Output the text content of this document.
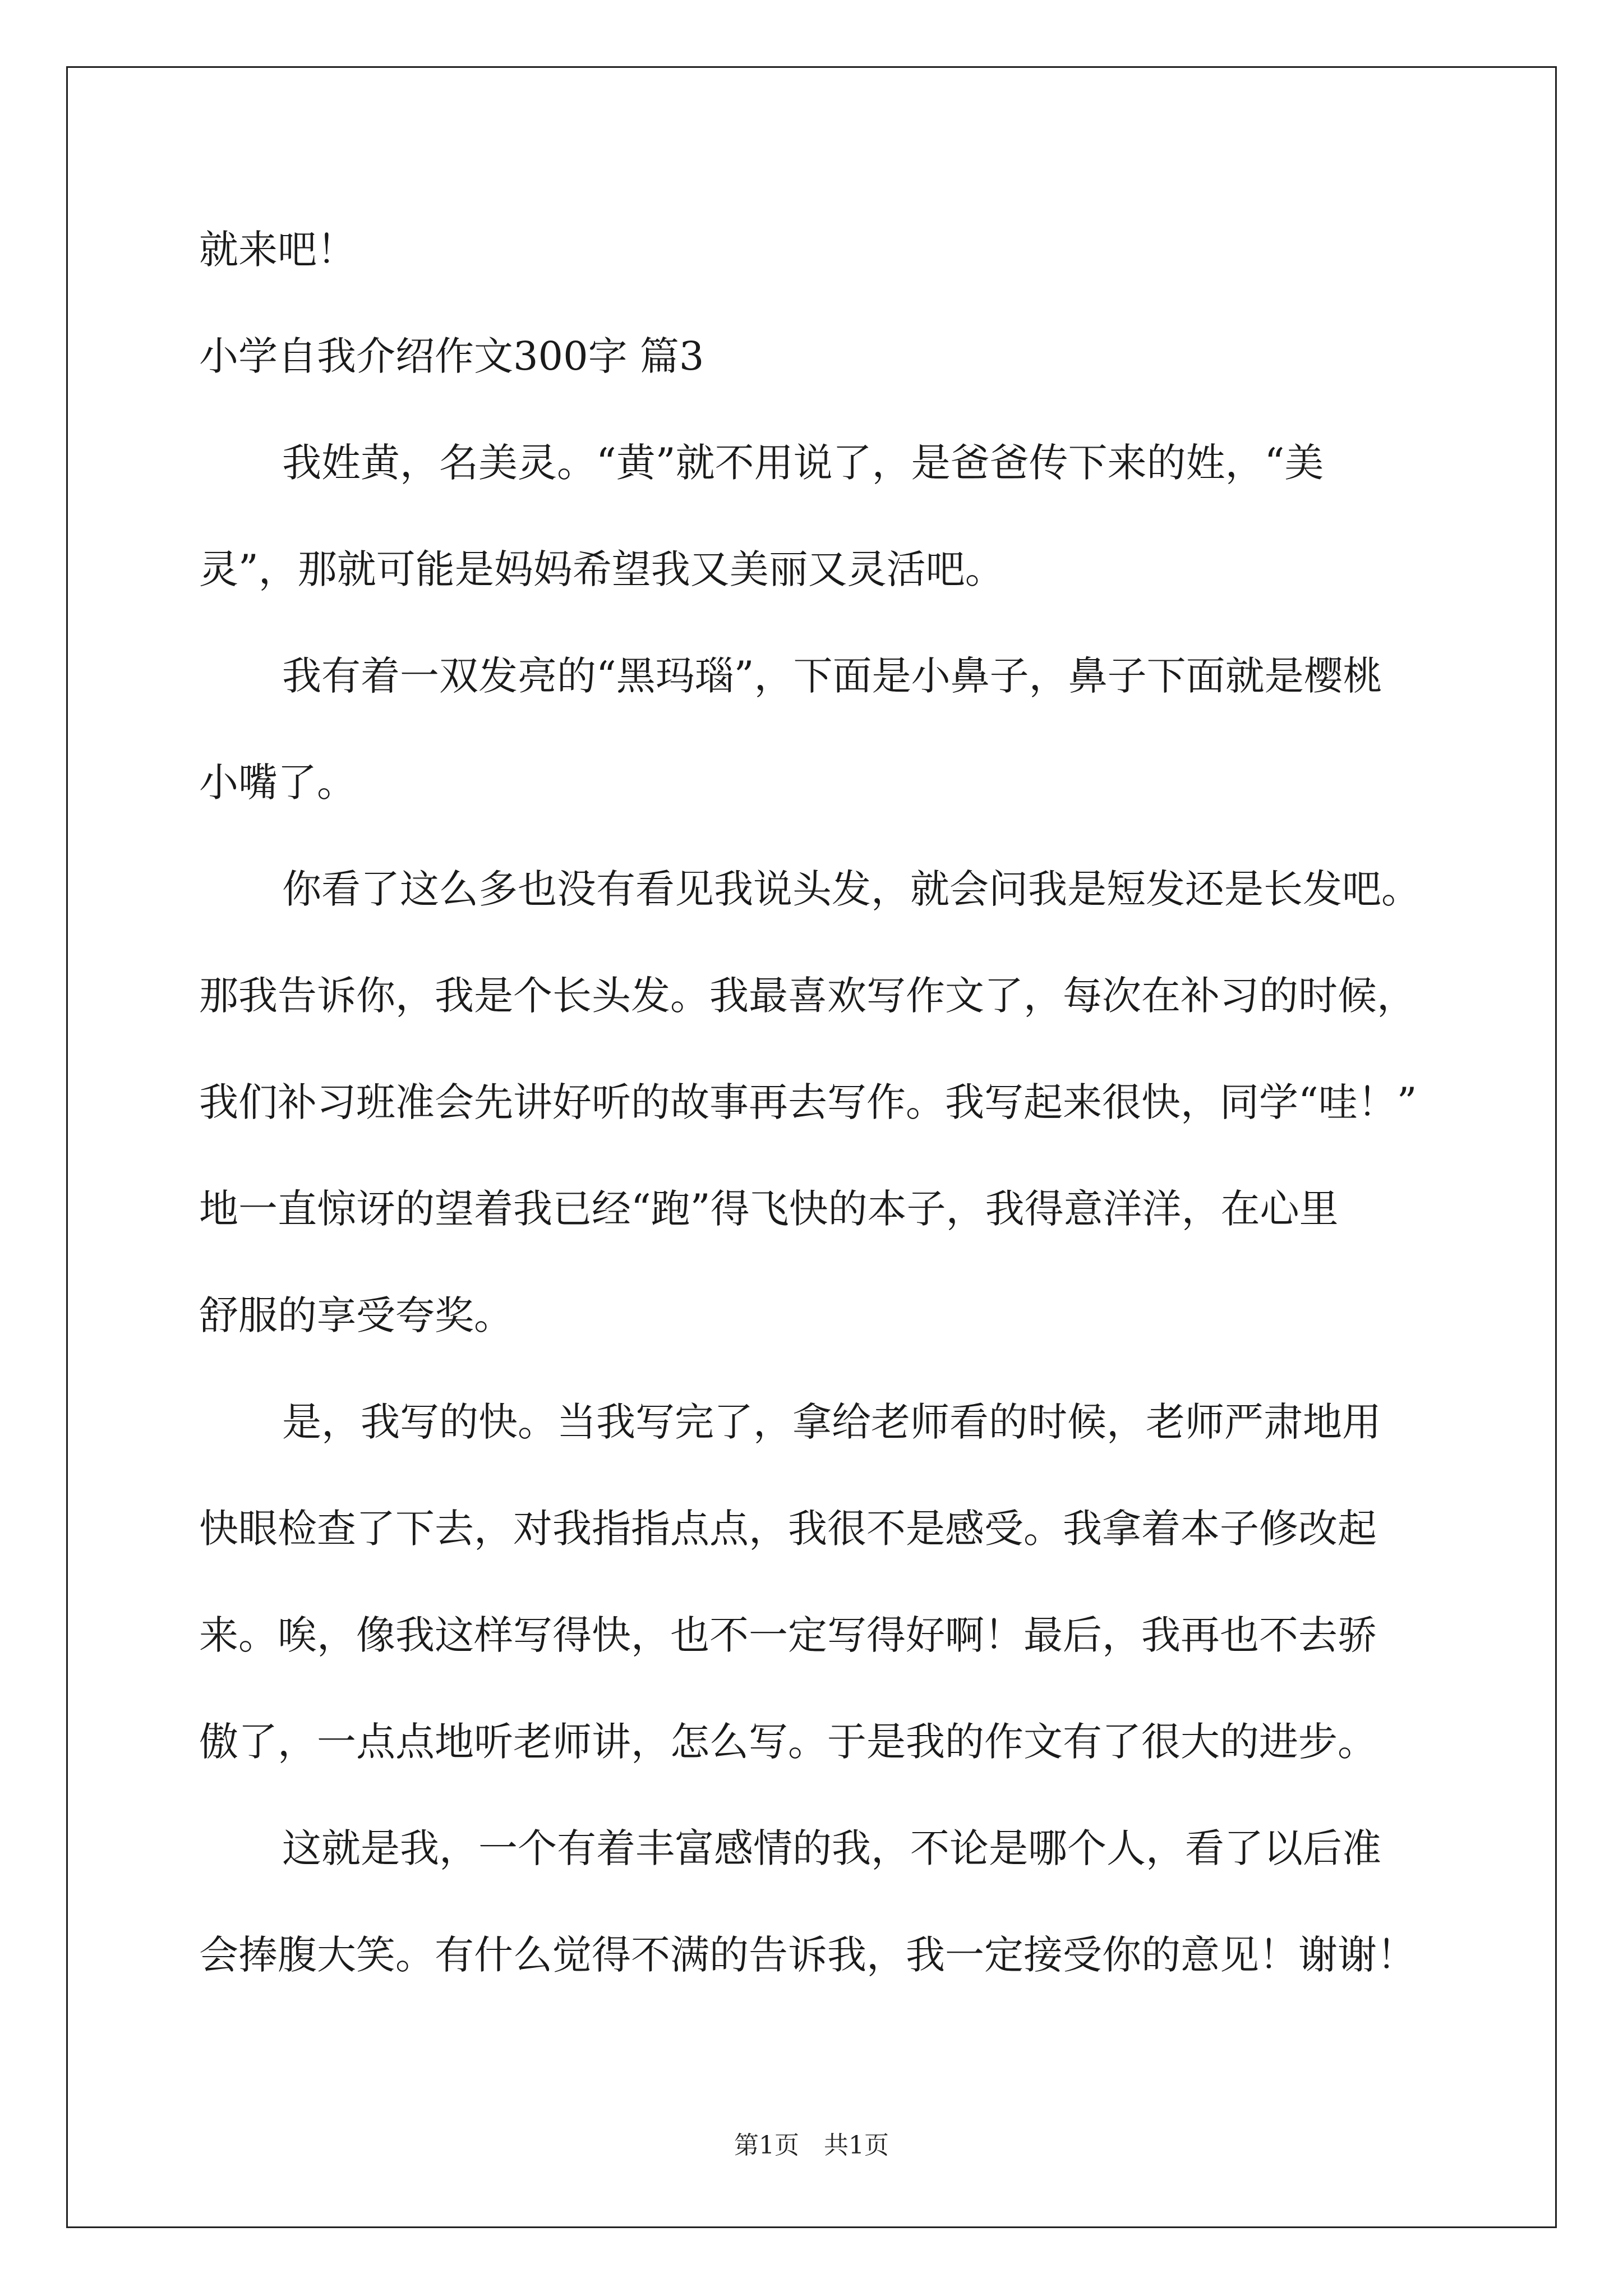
就来吧！
小学自我介绍作文300字 篇3
我姓黄，名美灵。“黄”就不用说了，是爸爸传下来的姓，“美
灵”，那就可能是妈妈希望我又美丽又灵活吧。
我有着一双发亮的“黑玛瑙”，下面是小鼻子，鼻子下面就是樱桃
小嘴了。
你看了这么多也没有看见我说头发，就会问我是短发还是长发吧。
那我告诉你，我是个长头发。我最喜欢写作文了，每次在补习的时候，
我们补习班准会先讲好听的故事再去写作。我写起来很快，同学“哇！”
地一直惊讶的望着我已经“跑”得飞快的本子，我得意洋洋，在心里
舒服的享受夸奖。
是，我写的快。当我写完了，拿给老师看的时候，老师严肃地用
快眼检查了下去，对我指指点点，我很不是感受。我拿着本子修改起
来。唉，像我这样写得快，也不一定写得好啊！最后，我再也不去骄
傲了，一点点地听老师讲，怎么写。于是我的作文有了很大的进步。
这就是我，一个有着丰富感情的我，不论是哪个人，看了以后准
会捧腹大笑。有什么觉得不满的告诉我，我一定接受你的意见！谢谢！
第1页　共1页
